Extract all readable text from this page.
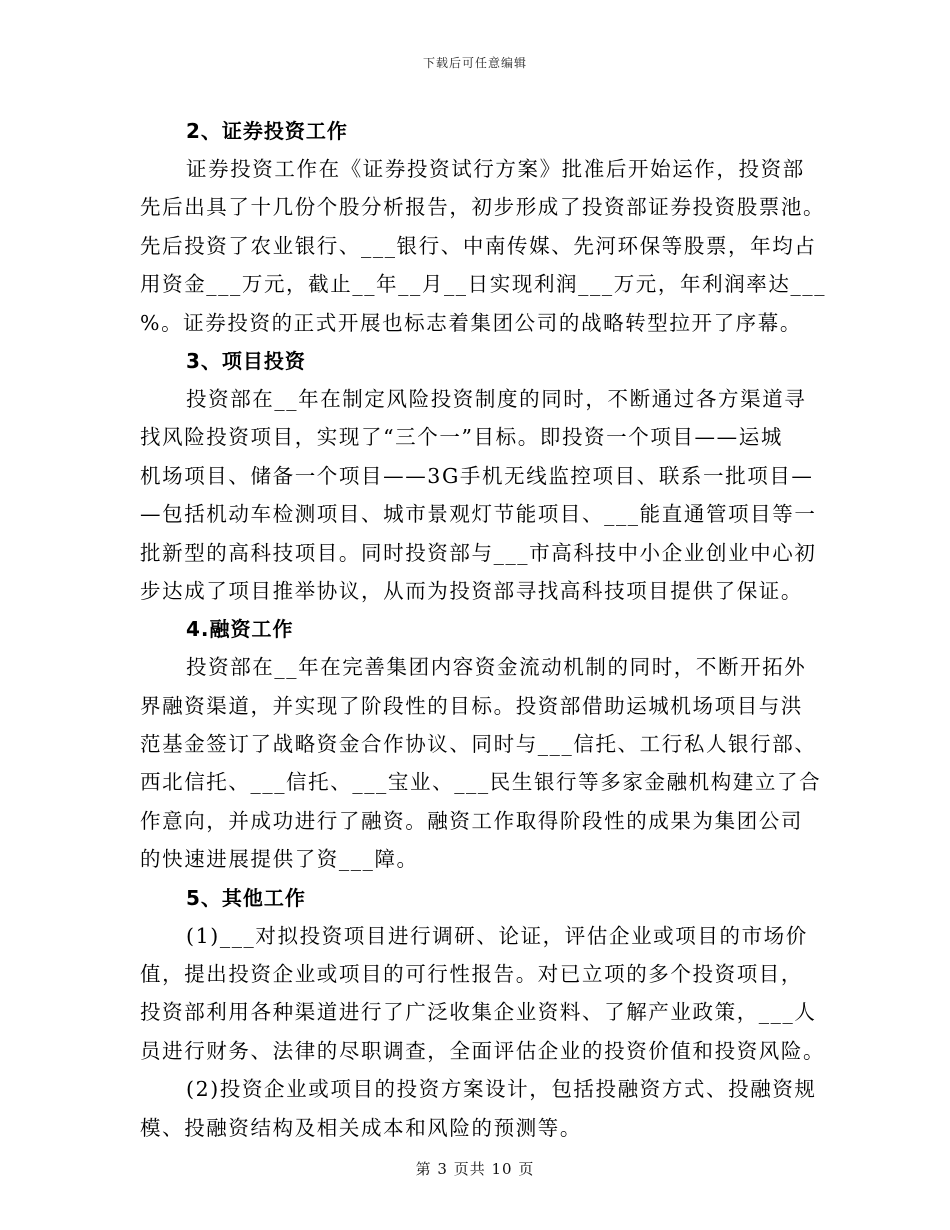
下载后可任意编辑
2、证券投资工作
证券投资工作在《证券投资试行方案》批准后开始运作，投资部
先后出具了十几份个股分析报告，初步形成了投资部证券投资股票池。
先后投资了农业银行、___银行、中南传媒、先河环保等股票，年均占
用资金___万元，截止__年__月__日实现利润___万元，年利润率达___
%。证券投资的正式开展也标志着集团公司的战略转型拉开了序幕。
3、项目投资
投资部在__年在制定风险投资制度的同时，不断通过各方渠道寻
找风险投资项目，实现了“三个一”目标。即投资一个项目——运城
机场项目、储备一个项目——3G手机无线监控项目、联系一批项目—
—包括机动车检测项目、城市景观灯节能项目、___能直通管项目等一
批新型的高科技项目。同时投资部与___市高科技中小企业创业中心初
步达成了项目推举协议，从而为投资部寻找高科技项目提供了保证。
4.融资工作
投资部在__年在完善集团内容资金流动机制的同时，不断开拓外
界融资渠道，并实现了阶段性的目标。投资部借助运城机场项目与洪
范基金签订了战略资金合作协议、同时与___信托、工行私人银行部、
西北信托、___信托、___宝业、___民生银行等多家金融机构建立了合
作意向，并成功进行了融资。融资工作取得阶段性的成果为集团公司
的快速进展提供了资___障。
5、其他工作
(1)___对拟投资项目进行调研、论证，评估企业或项目的市场价
值，提出投资企业或项目的可行性报告。对已立项的多个投资项目，
投资部利用各种渠道进行了广泛收集企业资料、了解产业政策，___人
员进行财务、法律的尽职调查，全面评估企业的投资价值和投资风险。
(2)投资企业或项目的投资方案设计，包括投融资方式、投融资规
模、投融资结构及相关成本和风险的预测等。
第 3 页共 10 页
